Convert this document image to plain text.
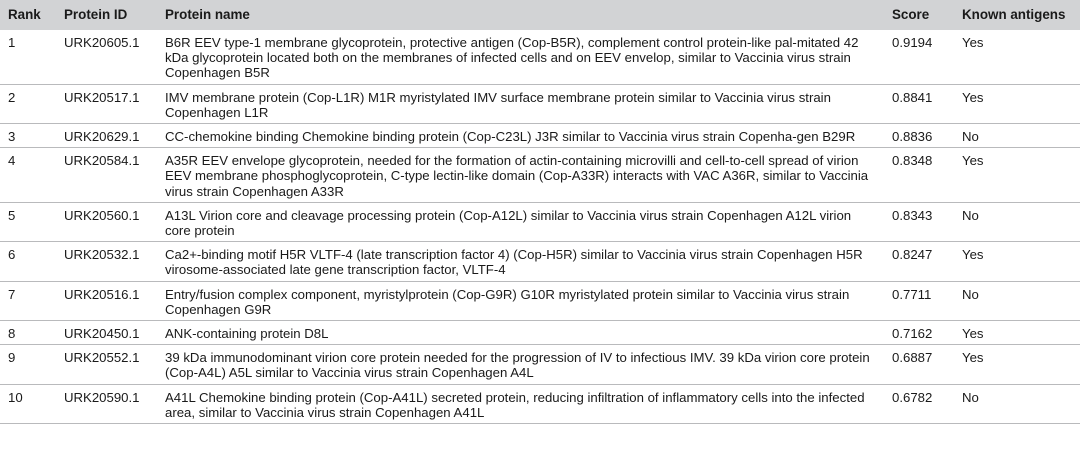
Rank	Protein ID	Protein name	Score	Known antigens
1	URK20605.1	B6R EEV type-1 membrane glycoprotein, protective antigen (Cop-B5R), complement control protein-like pal-mitated 42 kDa glycoprotein located both on the membranes of infected cells and on EEV envelop, similar to Vaccinia virus strain Copenhagen B5R	0.9194	Yes
2	URK20517.1	IMV membrane protein (Cop-L1R) M1R myristylated IMV surface membrane protein similar to Vaccinia virus strain Copenhagen L1R	0.8841	Yes
3	URK20629.1	CC-chemokine binding Chemokine binding protein (Cop-C23L) J3R similar to Vaccinia virus strain Copenha-gen B29R	0.8836	No
4	URK20584.1	A35R EEV envelope glycoprotein, needed for the formation of actin-containing microvilli and cell-to-cell spread of virion EEV membrane phosphoglycoprotein, C-type lectin-like domain (Cop-A33R) interacts with VAC A36R, similar to Vaccinia virus strain Copenhagen A33R	0.8348	Yes
5	URK20560.1	A13L Virion core and cleavage processing protein (Cop-A12L) similar to Vaccinia virus strain Copenhagen A12L virion core protein	0.8343	No
6	URK20532.1	Ca2+-binding motif H5R VLTF-4 (late transcription factor 4) (Cop-H5R) similar to Vaccinia virus strain Copenhagen H5R virosome-associated late gene transcription factor, VLTF-4	0.8247	Yes
7	URK20516.1	Entry/fusion complex component, myristylprotein (Cop-G9R) G10R myristylated protein similar to Vaccinia virus strain Copenhagen G9R	0.7711	No
8	URK20450.1	ANK-containing protein D8L	0.7162	Yes
9	URK20552.1	39 kDa immunodominant virion core protein needed for the progression of IV to infectious IMV. 39 kDa virion core protein (Cop-A4L) A5L similar to Vaccinia virus strain Copenhagen A4L	0.6887	Yes
10	URK20590.1	A41L Chemokine binding protein (Cop-A41L) secreted protein, reducing infiltration of inflammatory cells into the infected area, similar to Vaccinia virus strain Copenhagen A41L	0.6782	No
